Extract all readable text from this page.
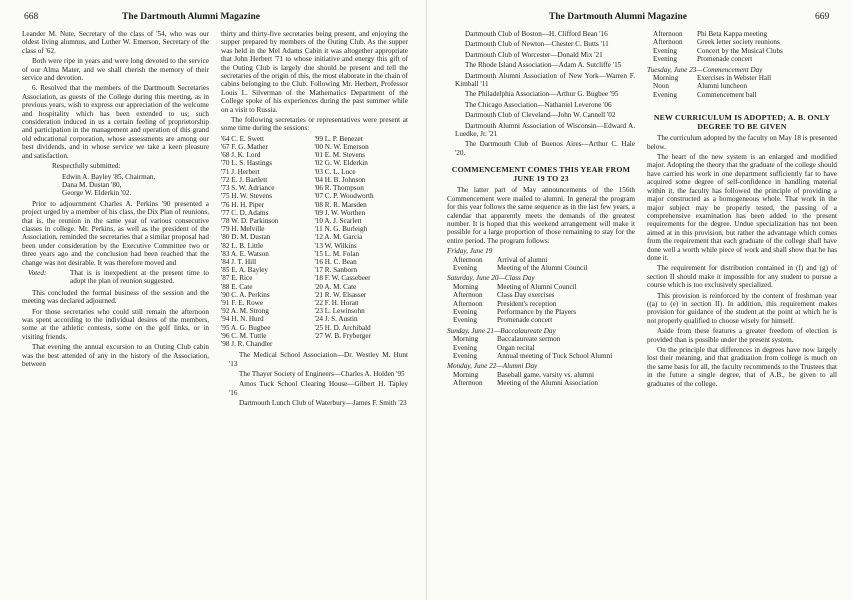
668	The Dartmouth Alumni Magazine

Leander M. Nute, Secretary of the class of '54, who was our oldest living alumnus, and Luther W. Emerson, Secretary of the class of '62.

Both were ripe in years and were long devoted to the service of our Alma Mater, and we shall cherish the memory of their service and devotion.

6. Resolved that the members of the Dartmouth Secretaries Association, as guests of the College during this meeting, as in previous years, wish to express our appreciation of the welcome and hospitality which has been extended to us; such consideration induced in us a certain feeling of proprietorship and participation in the management and operation of this grand old educational corporation, whose assessments are among our best dividends, and in whose service we take a keen pleasure and satisfaction.

Respectfully submitted:

Edwin A. Bayley '85, Chairman,
Dana M. Dustan '80,
George W. Elderkin '02.

Prior to adjournment Charles A. Perkins '90 presented a project urged by a member of his class, the Dix Plan of reunions, that is, the reunion in the same year of various consecutive classes in college. Mr. Perkins, as well as the president of the Association, reminded the secretaries that a similar proposal had been under consideration by the Executive Committee two or three years ago and the conclusion had been reached that the change was not desirable. It was therefore moved and

Voted:	That is is inexpedient at the present time to adopt the plan of reunion suggested.

This concluded the formal business of the session and the meeting was declared adjourned.

For those secretaries who could still remain the afternoon was spent according to the individual desires of the members, some at the athletic contests, some on the golf links, or in visiting friends.

That evening the annual excursion to an Outing Club cabin was the best attended of any in the history of the Association, between

thirty and thirty-five secretaries being present, and enjoying the supper prepared by members of the Outing Club. As the supper was held in the Mel Adams Cabin it was altogether appropriate that John Herbert '71 to whose initiative and energy this gift of the Outing Club is largely due should be present and tell the secretaries of the origin of this, the most elaborate in the chain of cabins belonging to the Club. Following Mr. Herbert, Professor Louis L. Silverman of the Mathematics Department of the College spoke of his experiences during the past summer while on a visit to Russia.

The following secretaries or representatives were present at some time during the sessions:

'64 C. E. Swett
'67 F. G. Mather
'68 J. K. Lord
'70 L. S. Hastings
'71 J. Herbert
'72 E. J. Bartlett
'73 S. W. Adriance
'75 H. W. Stevens
'76 H. H. Piper
'77 C. D. Adams
'78 W. D. Parkinson
'79 H. Melville
'80 D. M. Dustan
'82 L. B. Little
'83 A. E. Watson
'84 J. T. Hill
'85 E. A. Bayley
'87 E. Rice
'88 E. Cate
'90 C. A. Perkins
'91 F. E. Rowe
'92 A. M. Strong
'94 H. N. Hurd
'95 A. G. Bugbee
'96 C. M. Tuttle
'98 J. R. Chandler
'99 L. P. Benezet
'00 N. W. Emerson
'01 E. M. Stevens
'02 G. W. Elderkin
'03 C. L. Luce
'04 H. B. Johnson
'06 R. Thompson
'07 C. P. Woodworth
'08 R. R. Marsden
'09 J. W. Worthen
'10 A. J. Scarlett
'11 N. G. Burleigh
'12 A. M. Garcia
'13 W. Wilkins
'15 L. M. Folan
'16 H. C. Bean
'17 R. Sanborn
'18 F. W. Cassebeer
'20 A. M. Cate
'21 R. W. Elsasser
'22 F. H. Horan
'23 L. Lewinsohn
'24 J. S. Austin
'25 H. D. Archibald
'27 W. B. Fryberger

The Medical School Association—Dr. Westley M. Hunt '13

The Thayer Society of Engineers—Charles A. Holden '95

Amos Tuck School Clearing House—Gilbert H. Tapley '16

Dartmouth Lunch Club of Waterbury—James F. Smith '23

The Dartmouth Alumni Magazine	669

Dartmouth Club of Boston—H. Clifford Bean '16

Dartmouth Club of Newton—Chester C. Butts '11

Dartmouth Club of Worcester—Donald Mix '21

The Rhode Island Association—Adam A. Sutcliffe '15

Dartmouth Alumni Association of New York—Warren F. Kimball '11

The Philadelphia Association—Arthur G. Bugbee '95

The Chicago Association—Nathaniel Leverone '06

Dartmouth Club of Cleveland—John W. Cannell '02

Dartmouth Alumni Association of Wisconsin—Edward A. Luedke, Jr. '21

The Dartmouth Club of Buenos Aires—Arthur C. Hale '20.

COMMENCEMENT COMES THIS YEAR FROM JUNE 19 TO 23

The latter part of May announcements of the 156th Commencement were mailed to alumni. In general the program for this year follows the same sequence as in the last few years, a calendar that apparently meets the demands of the greatest number. It is hoped that this weekend arrangement will make it possible for a large proportion of those remaining to stay for the entire period. The program follows:

Friday, June 19
Afternoon	Arrival of alumni
Evening	Meeting of the Alumni Council
Saturday, June 20—Class Day
Morning	Meeting of Alumni Council
Afternoon	Class Day exercises
Afternoon	President's reception
Evening	Performance by the Players
Evening	Promenade concert
Sunday, June 21—Baccalaureate Day
Morning	Baccalaureate sermon
Evening	Organ recital
Evening	Annual meeting of Tuck School Alumni
Monday, June 22—Alumni Day
Morning	Baseball game, varsity vs. alumni
Afternoon	Meeting of the Alumni Association
Afternoon	Phi Beta Kappa meeting
Afternoon	Greek letter society reunions
Evening	Concert by the Musical Clubs
Evening	Promenade concert
Tuesday, June 23—Commencement Day
Morning	Exercises in Webster Hall
Noon	Alumni luncheon
Evening	Commencement ball
NEW CURRICULUM IS ADOPTED; A. B. ONLY DEGREE TO BE GIVEN

The curriculum adopted by the faculty on May 18 is presented below.

The heart of the new system is an enlarged and modified major. Adopting the theory that the graduate of the college should have carried his work in one department sufficiently far to have acquired some degree of self-confidence in handling material within it, the faculty has followed the principle of providing a major constructed as a homogeneous whole. That work in the major subject may be properly tested, the passing of a comprehensive examination has been added to the present requirements for the degree. Undue specialization has not been aimed at in this provision, but rather the advantage which comes from the requirement that each graduate of the college shall have done well a worth while piece of work and shall show that he has done it.

The requirement for distribution contained in (f) and (g) of section II should make it impossible for any student to pursue a course which is too exclusively specialized.

This provision is reinforced by the content of freshman year ((a) to (e) in section II). In addition, this requirement makes provision for guidance of the student at the point at which he is not properly qualified to choose wisely for himself.

Aside from these features a greater freedom of election is provided than is possible under the present system.

On the principle that differences in degrees have now largely lost their meaning, and that graduation from college is much on the same basis for all, the faculty recommends to the Trustees that in the future a single degree, that of A.B., be given to all graduates of the college.
